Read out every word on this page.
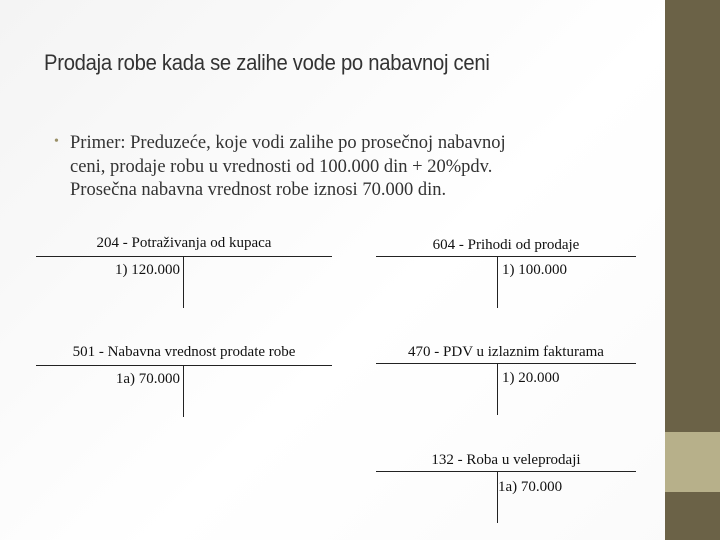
Prodaja robe kada se zalihe vode po nabavnoj ceni
• Primer: Preduzeće, koje vodi zalihe po prosečnoj nabavnoj
ceni, prodaje robu u vrednosti od 100.000 din + 20%pdv.
Prosečna nabavna vrednost robe iznosi 70.000 din.
204 - Potraživanja od kupaca
1) 120.000
604 - Prihodi od prodaje
1) 100.000
501 - Nabavna vrednost prodate robe
1a) 70.000
470 - PDV u izlaznim fakturama
1) 20.000
132 - Roba u veleprodaji
1a) 70.000
